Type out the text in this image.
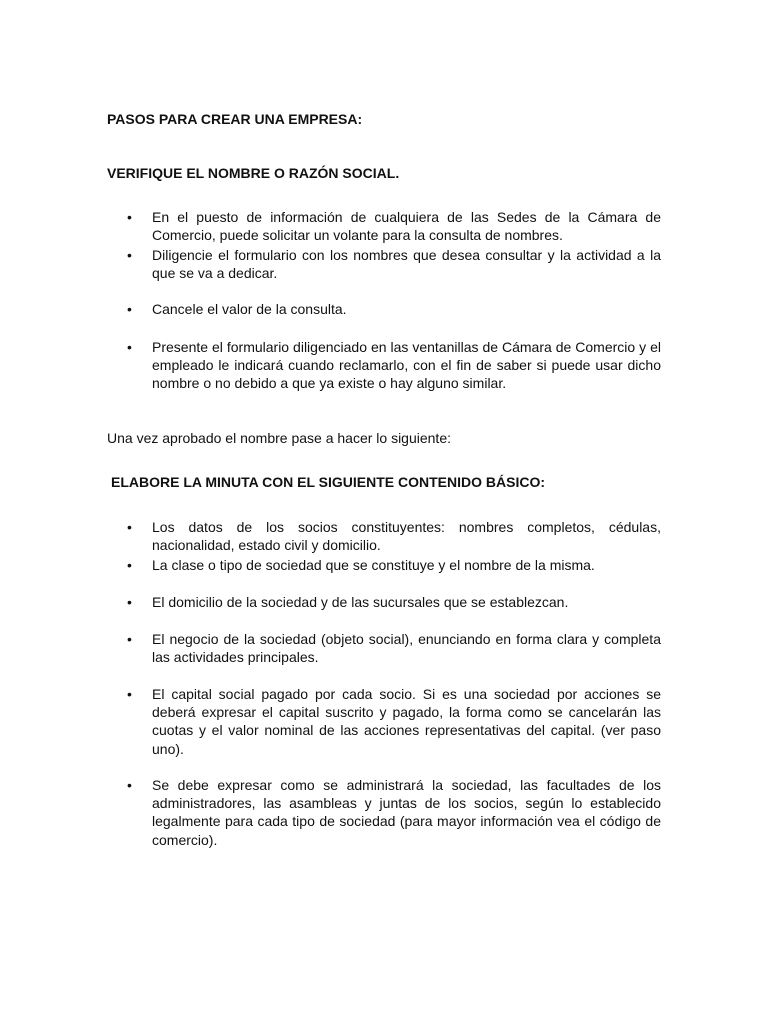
PASOS PARA CREAR UNA EMPRESA:
VERIFIQUE EL NOMBRE O RAZÓN SOCIAL.
•	En el puesto de información de cualquiera de las Sedes de la Cámara de Comercio, puede solicitar un volante para la consulta de nombres.
•	Diligencie el formulario con los nombres que desea consultar y la actividad a la que se va a dedicar.
•	Cancele el valor de la consulta.
•	Presente el formulario diligenciado en las ventanillas de Cámara de Comercio y el empleado le indicará cuando reclamarlo, con el fin de saber si puede usar dicho nombre o no debido a que ya existe o hay alguno similar.
Una vez aprobado el nombre pase a hacer lo siguiente:
ELABORE LA MINUTA CON EL SIGUIENTE CONTENIDO BÁSICO:
•	Los datos de los socios constituyentes: nombres completos, cédulas, nacionalidad, estado civil y domicilio.
•	La clase o tipo de sociedad que se constituye y el nombre de la misma.
•	El domicilio de la sociedad y de las sucursales que se establezcan.
•	El negocio de la sociedad (objeto social), enunciando en forma clara y completa las actividades principales.
•	El capital social pagado por cada socio. Si es una sociedad por acciones se deberá expresar el capital suscrito y pagado, la forma como se cancelarán las cuotas y el valor nominal de las acciones representativas del capital. (ver paso uno).
•	Se debe expresar como se administrará la sociedad, las facultades de los administradores, las asambleas y juntas de los socios, según lo establecido legalmente para cada tipo de sociedad (para mayor información vea el código de comercio).
